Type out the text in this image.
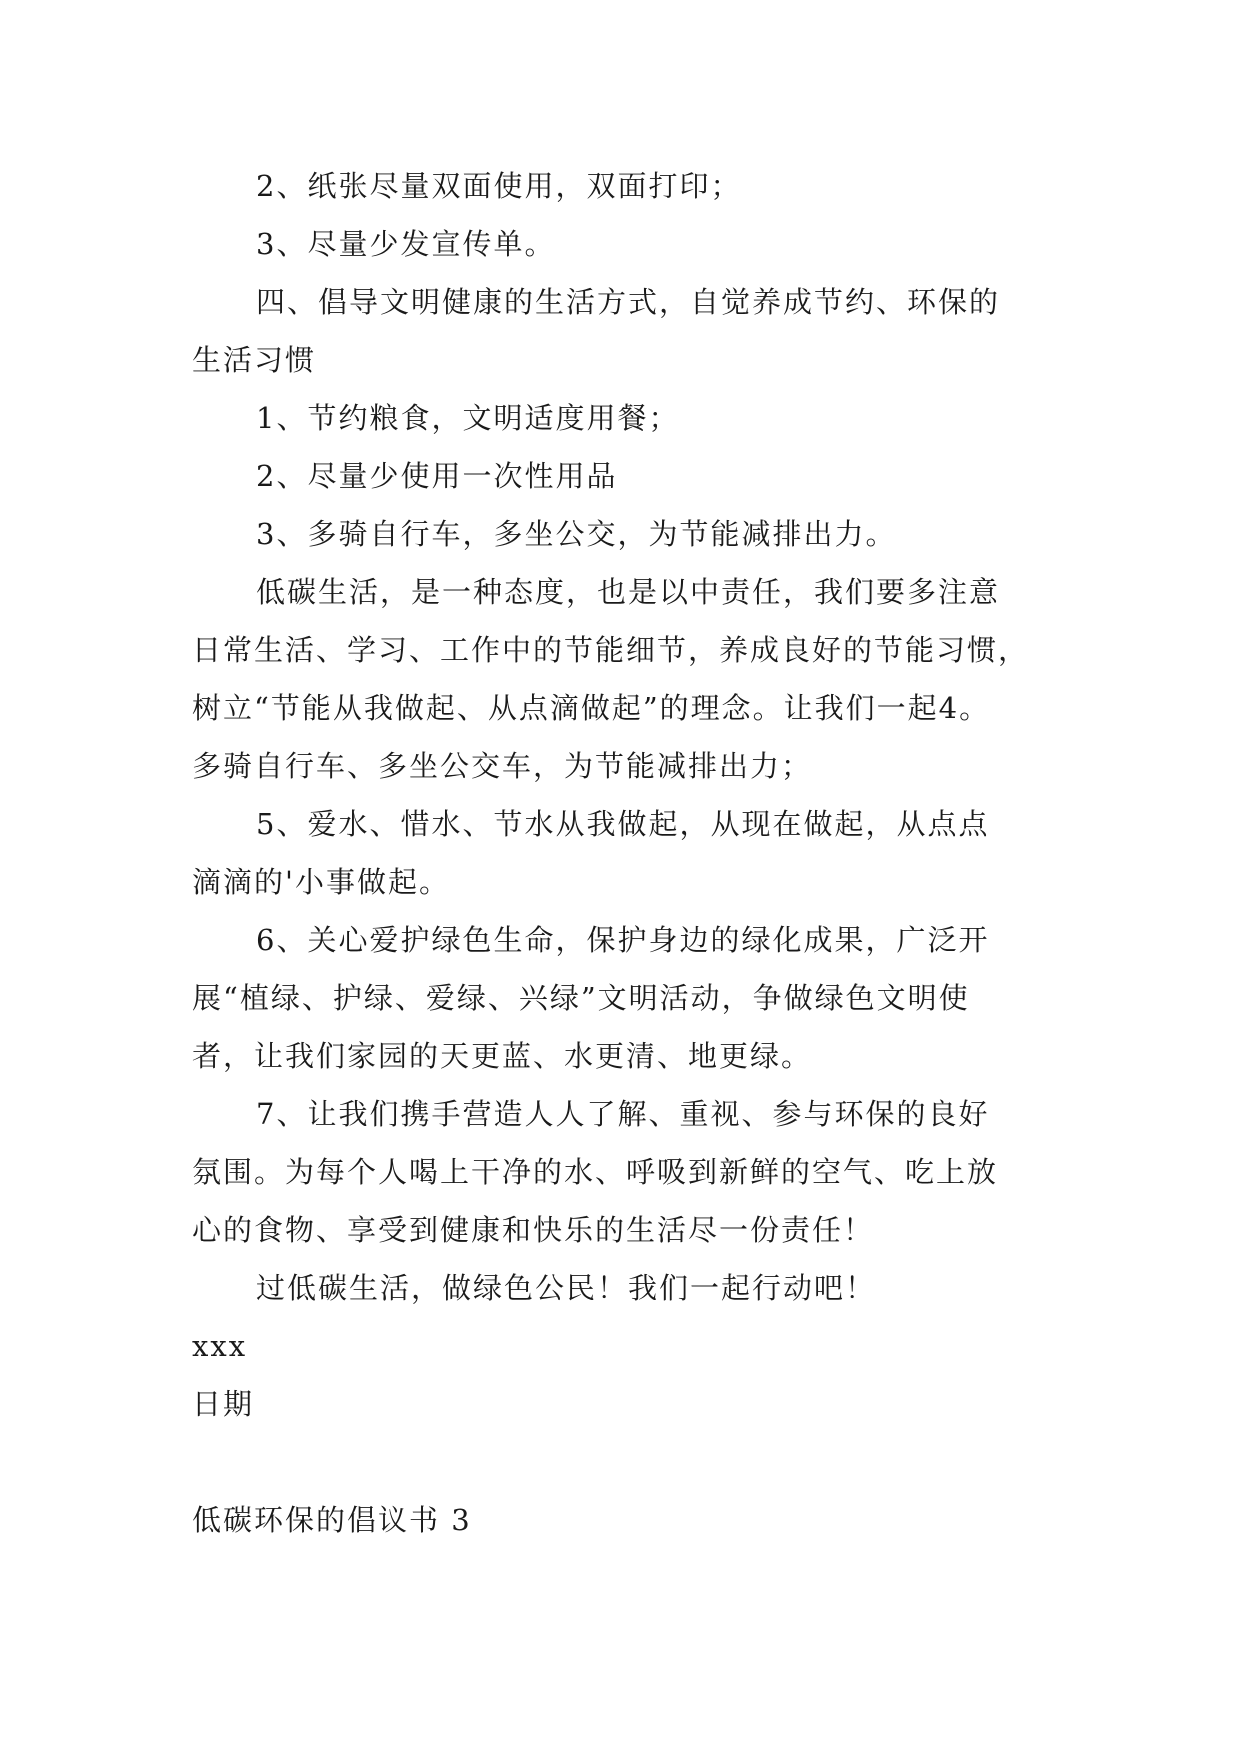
2、纸张尽量双面使用，双面打印；

3、尽量少发宣传单。

四、倡导文明健康的生活方式，自觉养成节约、环保的

生活习惯

1、节约粮食，文明适度用餐；

2、尽量少使用一次性用品

3、多骑自行车，多坐公交，为节能减排出力。

低碳生活，是一种态度，也是以中责任，我们要多注意

日常生活、学习、工作中的节能细节，养成良好的节能习惯，

树立“节能从我做起、从点滴做起”的理念。让我们一起4。

多骑自行车、多坐公交车，为节能减排出力；

5、爱水、惜水、节水从我做起，从现在做起，从点点

滴滴的'小事做起。

6、关心爱护绿色生命，保护身边的绿化成果，广泛开

展“植绿、护绿、爱绿、兴绿”文明活动，争做绿色文明使

者，让我们家园的天更蓝、水更清、地更绿。

7、让我们携手营造人人了解、重视、参与环保的良好

氛围。为每个人喝上干净的水、呼吸到新鲜的空气、吃上放

心的食物、享受到健康和快乐的生活尽一份责任！

过低碳生活，做绿色公民！我们一起行动吧！

xxx

日期

低碳环保的倡议书 3
